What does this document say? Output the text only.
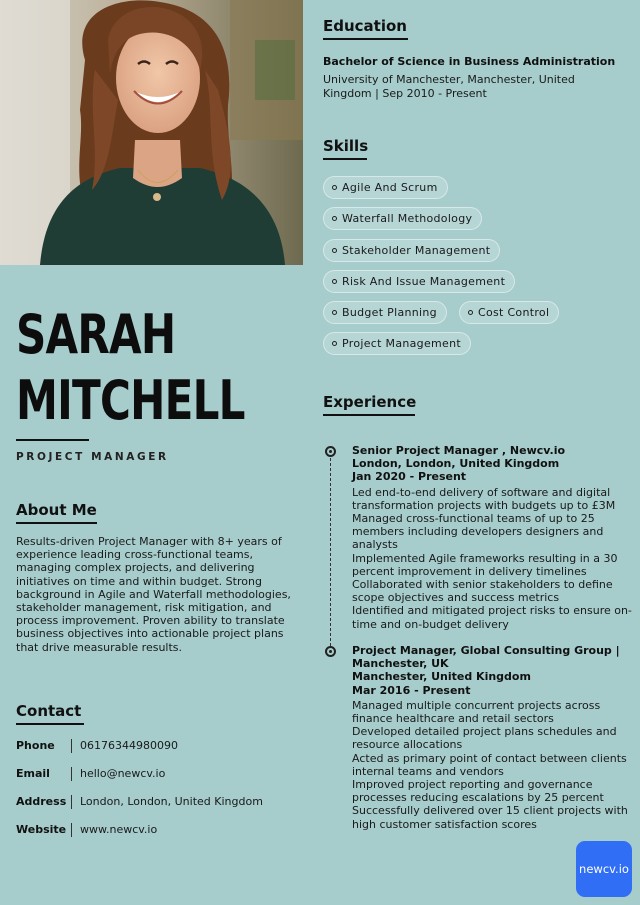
SARAH
MITCHELL
PROJECT MANAGER
About Me
Results-driven Project Manager with 8+ years of experience leading cross-functional teams, managing complex projects, and delivering initiatives on time and within budget. Strong background in Agile and Waterfall methodologies, stakeholder management, risk mitigation, and process improvement. Proven ability to translate business objectives into actionable project plans that drive measurable results.
Contact
Phone 06176344980090
Email	hello@newcv.io
Address London, London, United Kingdom
Website www.newcv.io
Education
Bachelor of Science in Business Administration
University of Manchester, Manchester, United Kingdom | Sep 2010 - Present
Skills
Agile And Scrum
Waterfall Methodology
Stakeholder Management
Risk And Issue Management
Budget Planning	Cost Control
Project Management
Experience
Senior Project Manager , Newcv.io
London, London, United Kingdom
Jan 2020 - Present
Led end-to-end delivery of software and digital transformation projects with budgets up to £3M
Managed cross-functional teams of up to 25 members including developers designers and analysts
Implemented Agile frameworks resulting in a 30 percent improvement in delivery timelines
Collaborated with senior stakeholders to define scope objectives and success metrics
Identified and mitigated project risks to ensure on-time and on-budget delivery
Project Manager, Global Consulting Group | Manchester, UK
Manchester, United Kingdom
Mar 2016 - Present
Managed multiple concurrent projects across finance healthcare and retail sectors
Developed detailed project plans schedules and resource allocations
Acted as primary point of contact between clients internal teams and vendors
Improved project reporting and governance processes reducing escalations by 25 percent
Successfully delivered over 15 client projects with high customer satisfaction scores
newcv.io
